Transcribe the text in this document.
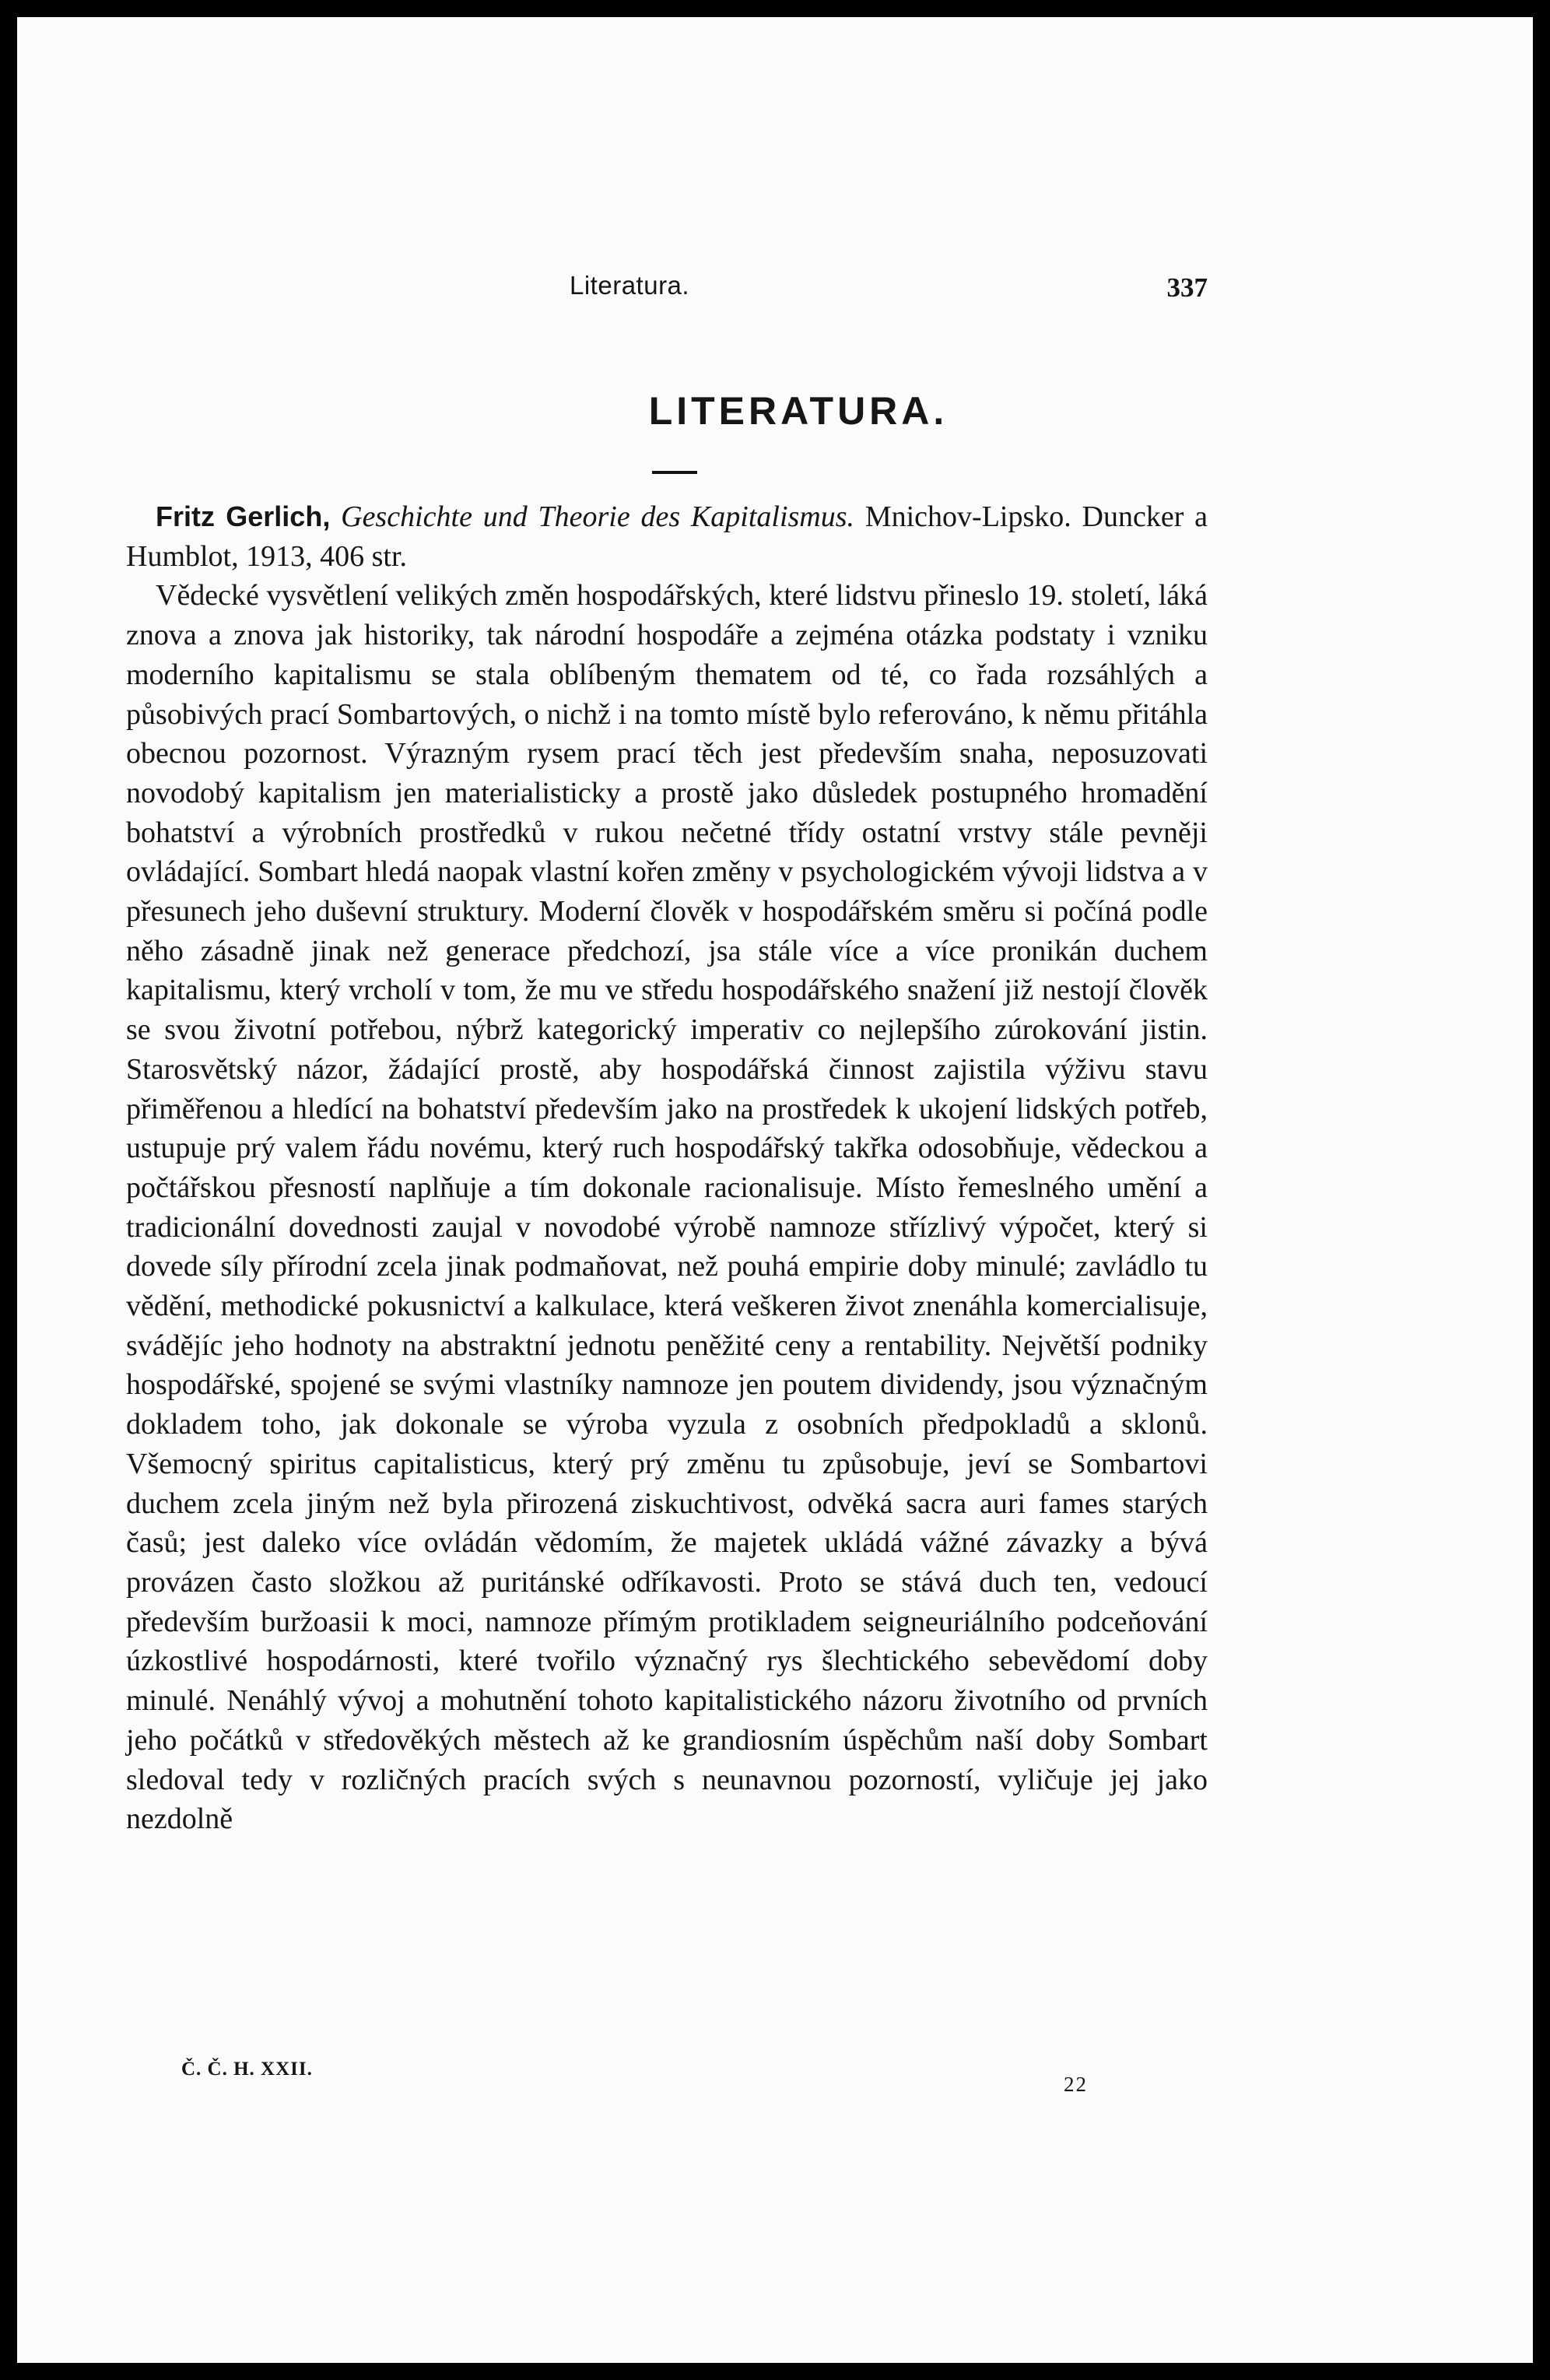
Literatura.	337
LITERATURA.

Fritz Gerlich, Geschichte und Theorie des Kapitalismus. Mnichov-Lipsko. Duncker a Humblot, 1913, 406 str.

Vědecké vysvětlení velikých změn hospodářských, které lidstvu přineslo 19. století, láká znova a znova jak historiky, tak národní hospodáře a zejména otázka podstaty i vzniku moderního kapitalismu se stala oblíbeným thematem od té, co řada rozsáhlých a působivých prací Sombartových, o nichž i na tomto místě bylo referováno, k němu přitáhla obecnou pozornost. Výrazným rysem prací těch jest především snaha, neposuzovati novodobý kapitalism jen materialisticky a prostě jako důsledek postupného hromadění bohatství a výrobních prostředků v rukou nečetné třídy ostatní vrstvy stále pevněji ovládající. Sombart hledá naopak vlastní kořen změny v psychologickém vývoji lidstva a v přesunech jeho duševní struktury. Moderní člověk v hospodářském směru si počíná podle něho zásadně jinak než generace předchozí, jsa stále více a více pronikán duchem kapitalismu, který vrcholí v tom, že mu ve středu hospodářského snažení již nestojí člověk se svou životní potřebou, nýbrž kategorický imperativ co nejlepšího zúrokování jistin. Starosvětský názor, žádající prostě, aby hospodářská činnost zajistila výživu stavu přiměřenou a hledící na bohatství především jako na prostředek k ukojení lidských potřeb, ustupuje prý valem řádu novému, který ruch hospodářský takřka odosobňuje, vědeckou a počtářskou přesností naplňuje a tím dokonale racionalisuje. Místo řemeslného umění a tradicionální dovednosti zaujal v novodobé výrobě namnoze střízlivý výpočet, který si dovede síly přírodní zcela jinak podmaňovat, než pouhá empirie doby minulé; zavládlo tu vědění, methodické pokusnictví a kalkulace, která veškeren život znenáhla komercialisuje, svádějíc jeho hodnoty na abstraktní jednotu peněžité ceny a rentability. Největší podniky hospodářské, spojené se svými vlastníky namnoze jen poutem dividendy, jsou význačným dokladem toho, jak dokonale se výroba vyzula z osobních předpokladů a sklonů. Všemocný spiritus capitalisticus, který prý změnu tu způsobuje, jeví se Sombartovi duchem zcela jiným než byla přirozená ziskuchtivost, odvěká sacra auri fames starých časů; jest daleko více ovládán vědomím, že majetek ukládá vážné závazky a bývá provázen často složkou až puritánské odříkavosti. Proto se stává duch ten, vedoucí především buržoasii k moci, namnoze přímým protikladem seigneuriálního podceňování úzkostlivé hospodárnosti, které tvořilo význačný rys šlechtického sebevědomí doby minulé. Nenáhlý vývoj a mohutnění tohoto kapitalistického názoru životního od prvních jeho počátků v středověkých městech až ke grandiosním úspěchům naší doby Sombart sledoval tedy v rozličných pracích svých s neunavnou pozorností, vyličuje jej jako nezdolně

Č. Č. H. XXII.
22
